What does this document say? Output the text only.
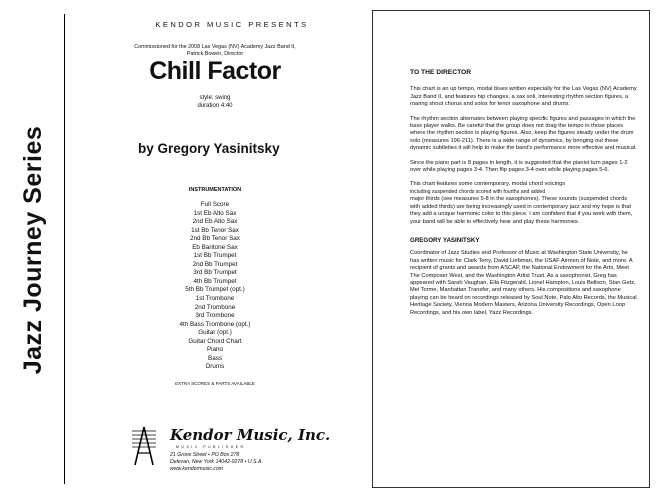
Jazz Journey Series
KENDOR MUSIC PRESENTS
Commissioned for the 2008 Las Vegas (NV) Academy Jazz Band II,
Patrick Bowen, Director
Chill Factor
style: swing
duration 4:40
by Gregory Yasinitsky
INSTRUMENTATION
Full Score
1st Eb Alto Sax
2nd Eb Alto Sax
1st Bb Tenor Sax
2nd Bb Tenor Sax
Eb Baritone Sax
1st Bb Trumpet
2nd Bb Trumpet
3rd Bb Trumpet
4th Bb Trumpet
5th Bb Trumpet (opt.)
1st Trombone
2nd Trombone
3rd Trombone
4th Bass Trombone (opt.)
Guitar (opt.)
Guitar Chord Chart
Piano
Bass
Drums
EXTRA SCORES & PARTS AVAILABLE
Kendor Music, Inc.
MUSIC PUBLISHER
21 Grove Street • PO Box 278
Delevan, New York 14042-0278 • U.S.A.
www.kendormusic.com
TO THE DIRECTOR
This chart is an up tempo, modal blues written especially for the Las Vegas (NV) Academy Jazz Band II, and features hip changes, a sax soli, interesting rhythm section figures, a roaring shout chorus and solos for tenor saxophone and drums.
The rhythm section alternates between playing specific figures and passages in which the bass player walks. Be careful that the group does not drag the tempo in those places where the rhythm section is playing figures. Also, keep the figures steady under the drum solo (measures 196-211). There is a wide range of dynamics, by bringing out these dynamic subtleties it will help to make the band's performance more effective and musical.
Since the piano part is 8 pages in length, it is suggested that the pianist turn pages 1-2 over while playing pages 3-4. Then flip pages 3-4 over while playing pages 5-6.
This chart features some contemporary, modal chord voicings
including suspended chords scored with fourths and added
major thirds (see measures 5-8 in the saxophones). These sounds (suspended chords with added thirds) are being increasingly used in contemporary jazz and my hope is that they add a unique harmonic color to this piece. I am confident that if you work with them, your band will be able to effectively hear and play these harmonies.
GREGORY YASINITSKY
Coordinator of Jazz Studies and Professor of Music at Washington State University, he has written music for Clark Terry, David Liebman, the USAF Airmen of Note, and more. A recipient of grants and awards from ASCAP, the National Endowment for the Arts, Meet The Composer West, and the Washington Artist Trust. As a saxophonist, Greg has appeared with Sarah Vaughan, Ella Fitzgerald, Lionel Hampton, Louis Bellson, Stan Getz, Mel Torme, Manhattan Transfer, and many others. His compositions and saxophone playing can be heard on recordings released by Soul Note, Palo Alto Records, the Musical Heritage Society, Vienna Modern Masters, Arizona University Recordings, Open Loop Recordings, and his own label, Yazz Recordings.
